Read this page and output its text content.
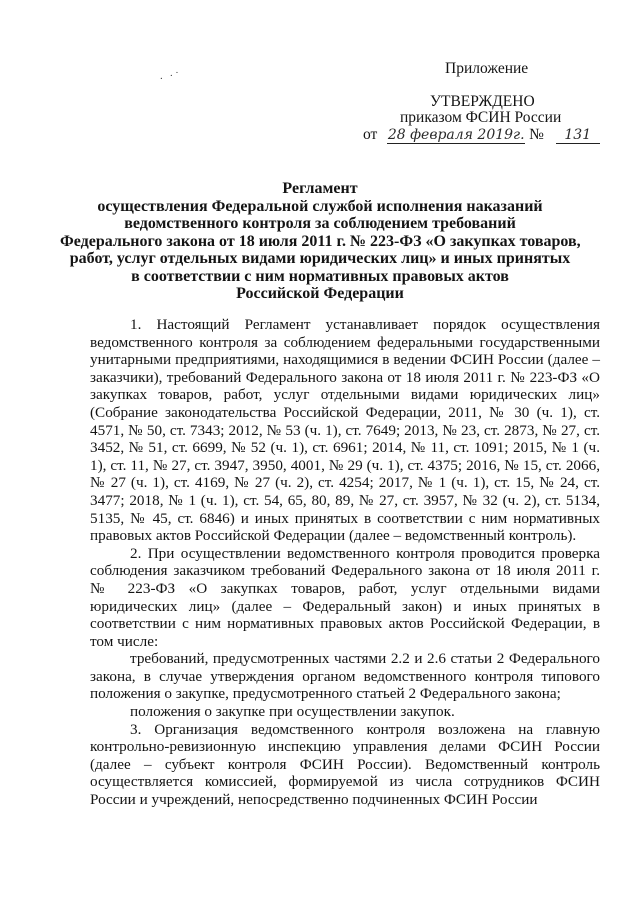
. ·˙	Приложение
УТВЕРЖДЕНО
приказом ФСИН России
от 28 февраля 2019г. № 131
Регламент
осуществления Федеральной службой исполнения наказаний
ведомственного контроля за соблюдением требований
Федерального закона от 18 июля 2011 г. № 223-ФЗ «О закупках товаров,
работ, услуг отдельных видами юридических лиц» и иных принятых
в соответствии с ним нормативных правовых актов
Российской Федерации

1. Настоящий Регламент устанавливает порядок осуществления ведомственного контроля за соблюдением федеральными государственными унитарными предприятиями, находящимися в ведении ФСИН России (далее – заказчики), требований Федерального закона от 18 июля 2011 г. № 223-ФЗ «О закупках товаров, работ, услуг отдельными видами юридических лиц» (Собрание законодательства Российской Федерации, 2011, № 30 (ч. 1), ст. 4571, № 50, ст. 7343; 2012, № 53 (ч. 1), ст. 7649; 2013, № 23, ст. 2873, № 27, ст. 3452, № 51, ст. 6699, № 52 (ч. 1), ст. 6961; 2014, № 11, ст. 1091; 2015, № 1 (ч. 1), ст. 11, № 27, ст. 3947, 3950, 4001, № 29 (ч. 1), ст. 4375; 2016, № 15, ст. 2066, № 27 (ч. 1), ст. 4169, № 27 (ч. 2), ст. 4254; 2017, № 1 (ч. 1), ст. 15, № 24, ст. 3477; 2018, № 1 (ч. 1), ст. 54, 65, 80, 89, № 27, ст. 3957, № 32 (ч. 2), ст. 5134, 5135, № 45, ст. 6846) и иных принятых в соответствии с ним нормативных правовых актов Российской Федерации (далее – ведомственный контроль).

2. При осуществлении ведомственного контроля проводится проверка соблюдения заказчиком требований Федерального закона от 18 июля 2011 г. № 223-ФЗ «О закупках товаров, работ, услуг отдельными видами юридических лиц» (далее – Федеральный закон) и иных принятых в соответствии с ним нормативных правовых актов Российской Федерации, в том числе:

требований, предусмотренных частями 2.2 и 2.6 статьи 2 Федерального закона, в случае утверждения органом ведомственного контроля типового положения о закупке, предусмотренного статьей 2 Федерального закона;

положения о закупке при осуществлении закупок.

3. Организация ведомственного контроля возложена на главную контрольно-ревизионную инспекцию управления делами ФСИН России (далее – субъект контроля ФСИН России). Ведомственный контроль осуществляется комиссией, формируемой из числа сотрудников ФСИН России и учреждений, непосредственно подчиненных ФСИН России
